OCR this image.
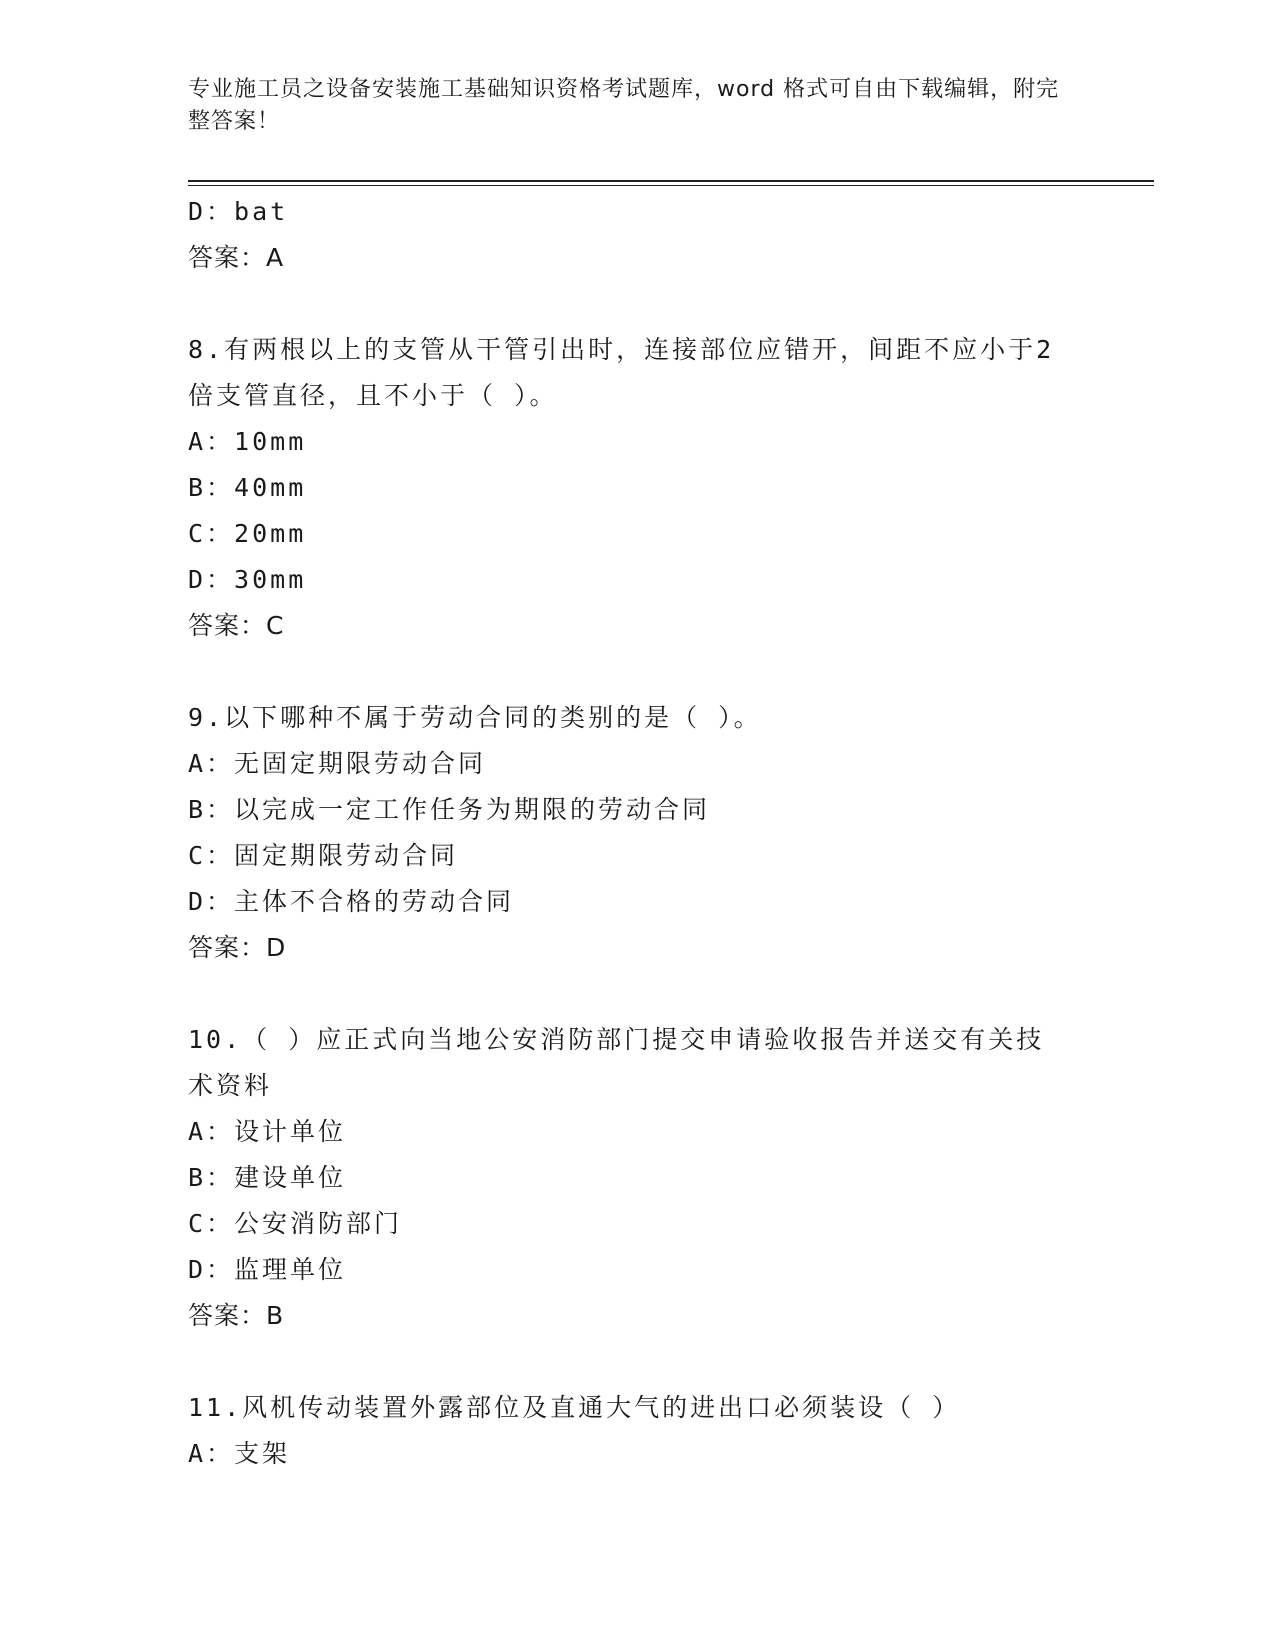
专业施工员之设备安装施工基础知识资格考试题库，word 格式可自由下载编辑，附完整答案！
D：bat
答案：A
8.有两根以上的支管从干管引出时，连接部位应错开，间距不应小于2倍支管直径，且不小于（ ）。
A：10mm
B：40mm
C：20mm
D：30mm
答案：C
9.以下哪种不属于劳动合同的类别的是（ ）。
A：无固定期限劳动合同
B：以完成一定工作任务为期限的劳动合同
C：固定期限劳动合同
D：主体不合格的劳动合同
答案：D
10.（ ）应正式向当地公安消防部门提交申请验收报告并送交有关技术资料
A：设计单位
B：建设单位
C：公安消防部门
D：监理单位
答案：B
11.风机传动装置外露部位及直通大气的进出口必须装设（ ）
A：支架
